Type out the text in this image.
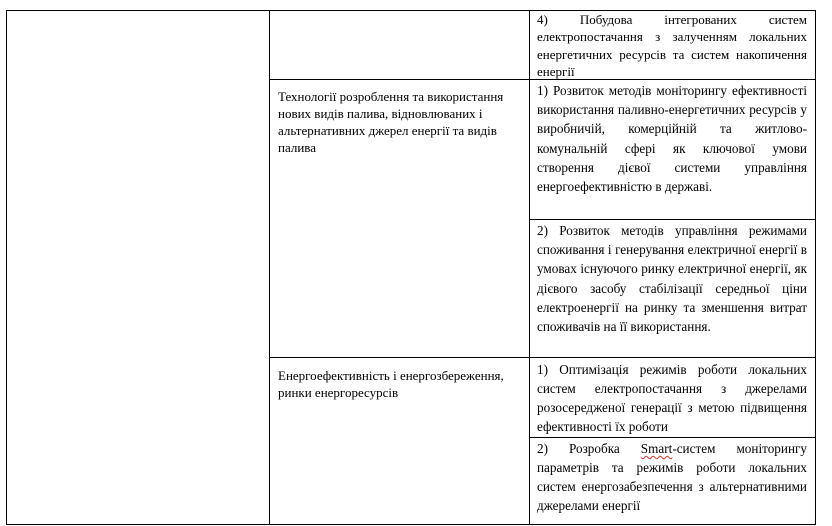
4) Побудова інтегрованих систем електропостачання з залученням локальних енергетичних ресурсів та систем накопичення енергії
Технології розроблення та використання нових видів палива, відновлюваних і альтернативних джерел енергії та видів палива
1) Розвиток методів моніторингу ефективності використання паливно-енергетичних ресурсів у виробничій, комерційній та житлово-комунальній сфері як ключової умови створення дієвої системи управління енергоефективністю в державі.
2) Розвиток методів управління режимами споживання і генерування електричної енергії в умовах існуючого ринку електричної енергії, як дієвого засобу стабілізації середньої ціни електроенергії на ринку та зменшення витрат споживачів на її використання.
Енергоефективність і енергозбереження, ринки енергоресурсів
1) Оптимізація режимів роботи локальних систем електропостачання з джерелами розосередженої генерації з метою підвищення ефективності їх роботи
2) Розробка Smart-систем моніторингу параметрів та режимів роботи локальних систем енергозабезпечення з альтернативними джерелами енергії
